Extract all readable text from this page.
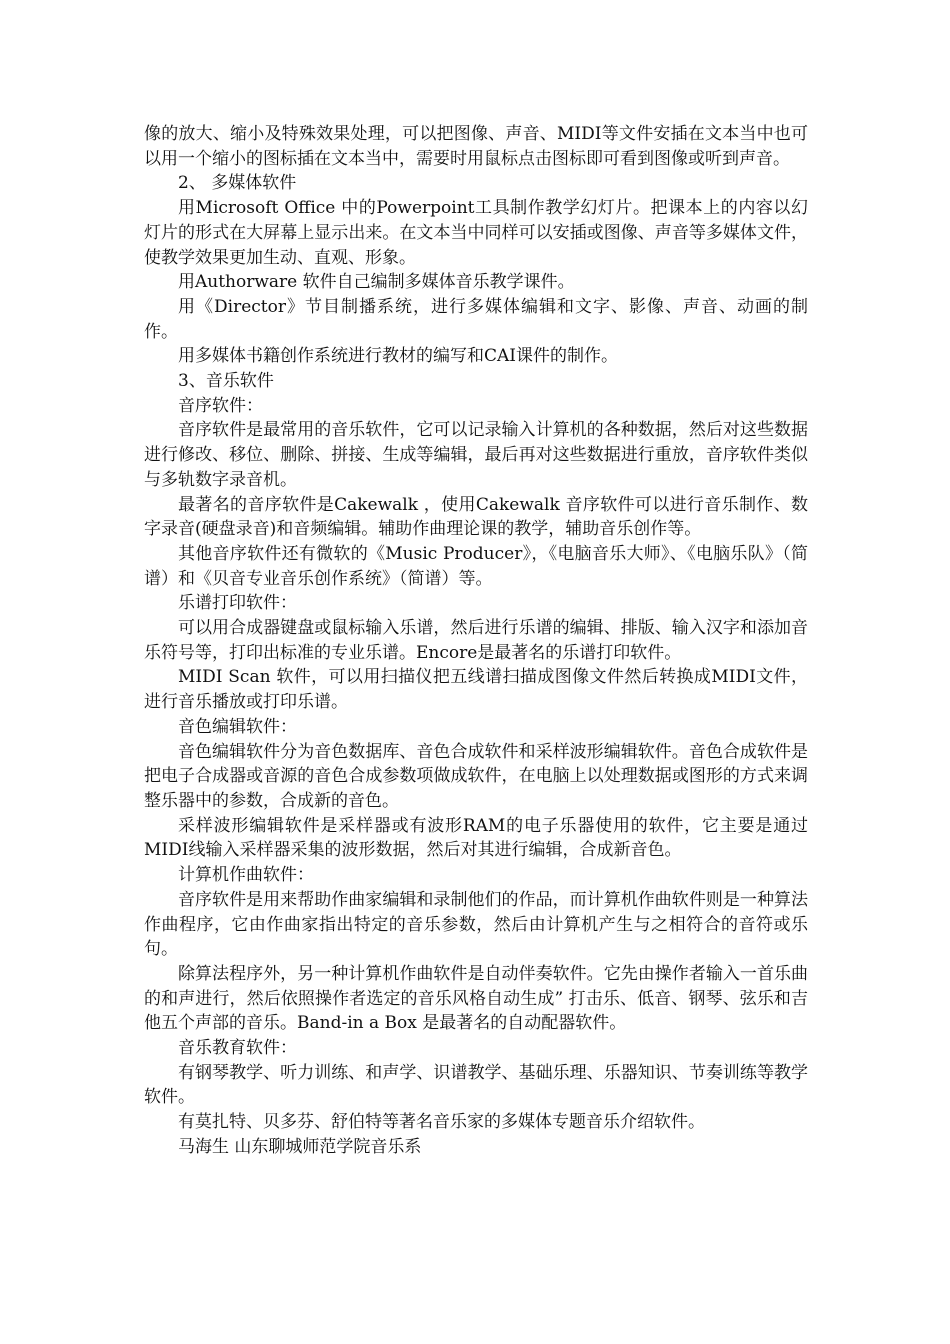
像的放大、缩小及特殊效果处理，可以把图像、声音、MIDI等文件安插在文本当中也可以用一个缩小的图标插在文本当中，需要时用鼠标点击图标即可看到图像或听到声音。

2、 多媒体软件

用Microsoft Office 中的Powerpoint工具制作教学幻灯片。把课本上的内容以幻灯片的形式在大屏幕上显示出来。在文本当中同样可以安插或图像、声音等多媒体文件，使教学效果更加生动、直观、形象。

用Authorware 软件自己编制多媒体音乐教学课件。

用《Director》节目制播系统，进行多媒体编辑和文字、影像、声音、动画的制作。

用多媒体书籍创作系统进行教材的编写和CAI课件的制作。

3、音乐软件

音序软件：

音序软件是最常用的音乐软件，它可以记录输入计算机的各种数据，然后对这些数据进行修改、移位、删除、拼接、生成等编辑，最后再对这些数据进行重放，音序软件类似与多轨数字录音机。

最著名的音序软件是Cakewalk ，使用Cakewalk 音序软件可以进行音乐制作、数字录音(硬盘录音)和音频编辑。辅助作曲理论课的教学，辅助音乐创作等。

其他音序软件还有微软的《Music Producer》，《电脑音乐大师》、《电脑乐队》（简谱）和《贝音专业音乐创作系统》（简谱）等。

乐谱打印软件：

可以用合成器键盘或鼠标输入乐谱，然后进行乐谱的编辑、排版、输入汉字和添加音乐符号等，打印出标准的专业乐谱。Encore是最著名的乐谱打印软件。

MIDI Scan 软件，可以用扫描仪把五线谱扫描成图像文件然后转换成MIDI文件，进行音乐播放或打印乐谱。

音色编辑软件：

音色编辑软件分为音色数据库、音色合成软件和采样波形编辑软件。音色合成软件是把电子合成器或音源的音色合成参数项做成软件，在电脑上以处理数据或图形的方式来调整乐器中的参数，合成新的音色。

采样波形编辑软件是采样器或有波形RAM的电子乐器使用的软件，它主要是通过MIDI线输入采样器采集的波形数据，然后对其进行编辑，合成新音色。

计算机作曲软件：

音序软件是用来帮助作曲家编辑和录制他们的作品，而计算机作曲软件则是一种算法作曲程序，它由作曲家指出特定的音乐参数，然后由计算机产生与之相符合的音符或乐句。

除算法程序外，另一种计算机作曲软件是自动伴奏软件。它先由操作者输入一首乐曲的和声进行，然后依照操作者选定的音乐风格自动生成” 打击乐、低音、钢琴、弦乐和吉他五个声部的音乐。Band-in a Box 是最著名的自动配器软件。

音乐教育软件：

有钢琴教学、听力训练、和声学、识谱教学、基础乐理、乐器知识、节奏训练等教学软件。

有莫扎特、贝多芬、舒伯特等著名音乐家的多媒体专题音乐介绍软件。

马海生 山东聊城师范学院音乐系
